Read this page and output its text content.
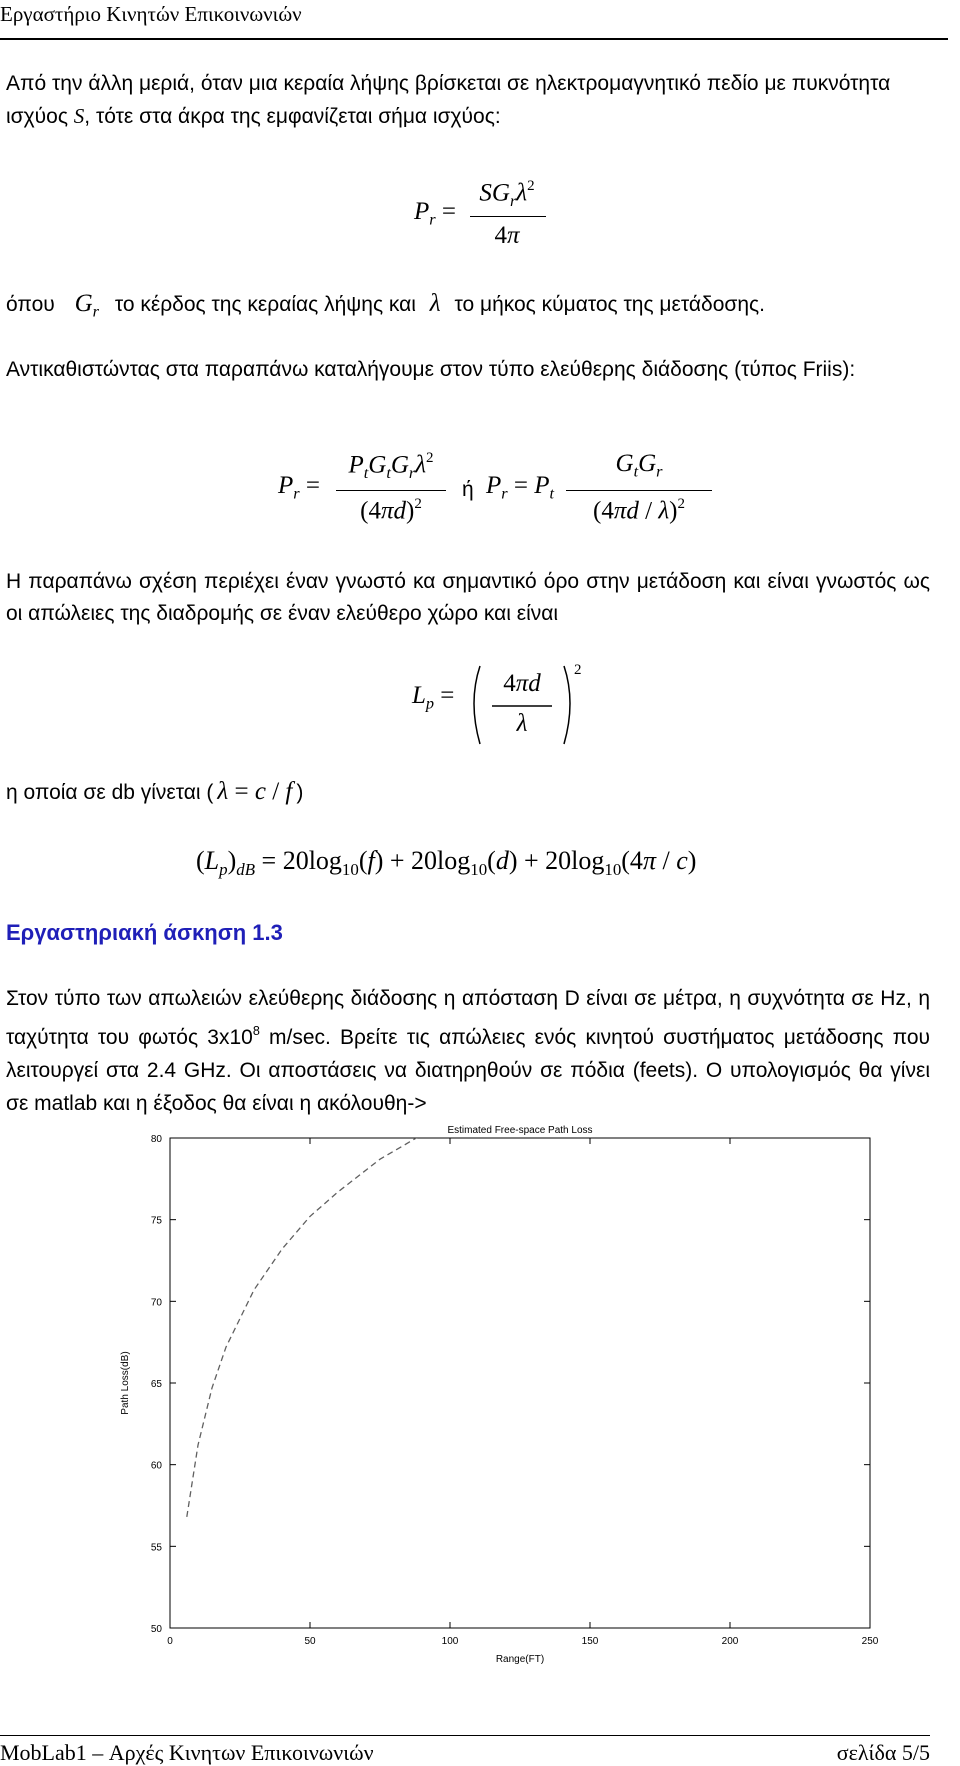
Εργαστήριο Κινητών Επικοινωνιών
Από την άλλη μεριά, όταν μια κεραία λήψης βρίσκεται σε ηλεκτρομαγνητικό πεδίο με πυκνότητα ισχύος S, τότε στα άκρα της εμφανίζεται σήμα ισχύος:
$P_r$ =
$SG_r\lambda^2$
4π
όπου $G_r$ το κέρδος της κεραίας λήψης και λ το μήκος κύματος της μετάδοσης.
Αντικαθιστώντας στα παραπάνω καταλήγουμε στον τύπο ελεύθερης διάδοσης (τύπος Friis):
$P_r$ =
$P_tG_tG_r\lambda^2$
$(4\pi d)^2$
ή $P_r = P_t$
$G_tG_r$
(4πd / λ)$^2$
Η παραπάνω σχέση περιέχει έναν γνωστό κα σημαντικό όρο στην μετάδοση και είναι γνωστός ως οι απώλειες της διαδρομής σε έναν ελεύθερο χώρο και είναι
$L_p$ =
2
4πd
λ
η οποία σε db γίνεται ( λ = c / f )
$(L_p)_{dB} = 20\log_{10}(f) + 20\log_{10}(d) + 20\log_{10}(4\pi / c)$
Εργαστηριακή άσκηση 1.3
Στον τύπο των απωλειών ελεύθερης διάδοσης η απόσταση D είναι σε μέτρα, η συχνότητα σε Hz, η ταχύτητα του φωτός $3x10^8$ m/sec. Βρείτε τις απώλειες ενός κινητού συστήματος μετάδοσης που λειτουργεί στα 2.4 GHz. Οι αποστάσεις να διατηρηθούν σε πόδια (feets). Ο υπολογισμός θα γίνει σε matlab και η έξοδος θα είναι η ακόλουθη->
Estimated Free-space Path Loss
50
55
60
65
70
75
80
0	50	100	150	200	250
Range(FT)
Path Loss(dB)
MobLab1 – Αρχές Κινητων Επικοινωνιών	σελίδα 5/5
